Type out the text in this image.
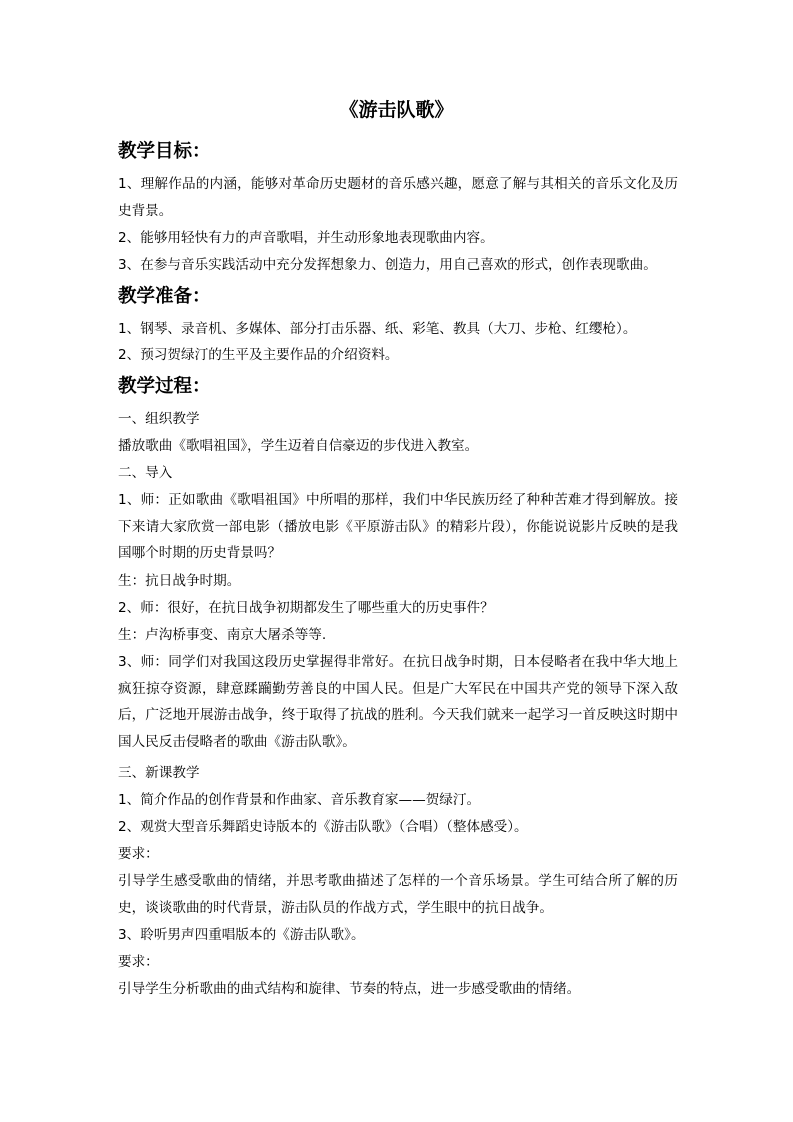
《游击队歌》
教学目标：

1、理解作品的内涵，能够对革命历史题材的音乐感兴趣，愿意了解与其相关的音乐文化及历史背景。

2、能够用轻快有力的声音歌唱，并生动形象地表现歌曲内容。

3、在参与音乐实践活动中充分发挥想象力、创造力，用自己喜欢的形式，创作表现歌曲。

教学准备：

1、钢琴、录音机、多媒体、部分打击乐器、纸、彩笔、教具（大刀、步枪、红缨枪）。

2、预习贺绿汀的生平及主要作品的介绍资料。

教学过程：

一、组织教学

播放歌曲《歌唱祖国》，学生迈着自信豪迈的步伐进入教室。

二、导入

1、师：正如歌曲《歌唱祖国》中所唱的那样，我们中华民族历经了种种苦难才得到解放。接下来请大家欣赏一部电影（播放电影《平原游击队》的精彩片段），你能说说影片反映的是我国哪个时期的历史背景吗？

生：抗日战争时期。

2、师：很好，在抗日战争初期都发生了哪些重大的历史事件？

生：卢沟桥事变、南京大屠杀等等.

3、师：同学们对我国这段历史掌握得非常好。在抗日战争时期，日本侵略者在我中华大地上疯狂掠夺资源，肆意蹂躏勤劳善良的中国人民。但是广大军民在中国共产党的领导下深入敌后，广泛地开展游击战争，终于取得了抗战的胜利。今天我们就来一起学习一首反映这时期中国人民反击侵略者的歌曲《游击队歌》。

三、新课教学

1、简介作品的创作背景和作曲家、音乐教育家——贺绿汀。

2、观赏大型音乐舞蹈史诗版本的《游击队歌》（合唱）（整体感受）。

要求：

引导学生感受歌曲的情绪，并思考歌曲描述了怎样的一个音乐场景。学生可结合所了解的历史，谈谈歌曲的时代背景，游击队员的作战方式，学生眼中的抗日战争。

3、聆听男声四重唱版本的《游击队歌》。

要求：

引导学生分析歌曲的曲式结构和旋律、节奏的特点，进一步感受歌曲的情绪。
